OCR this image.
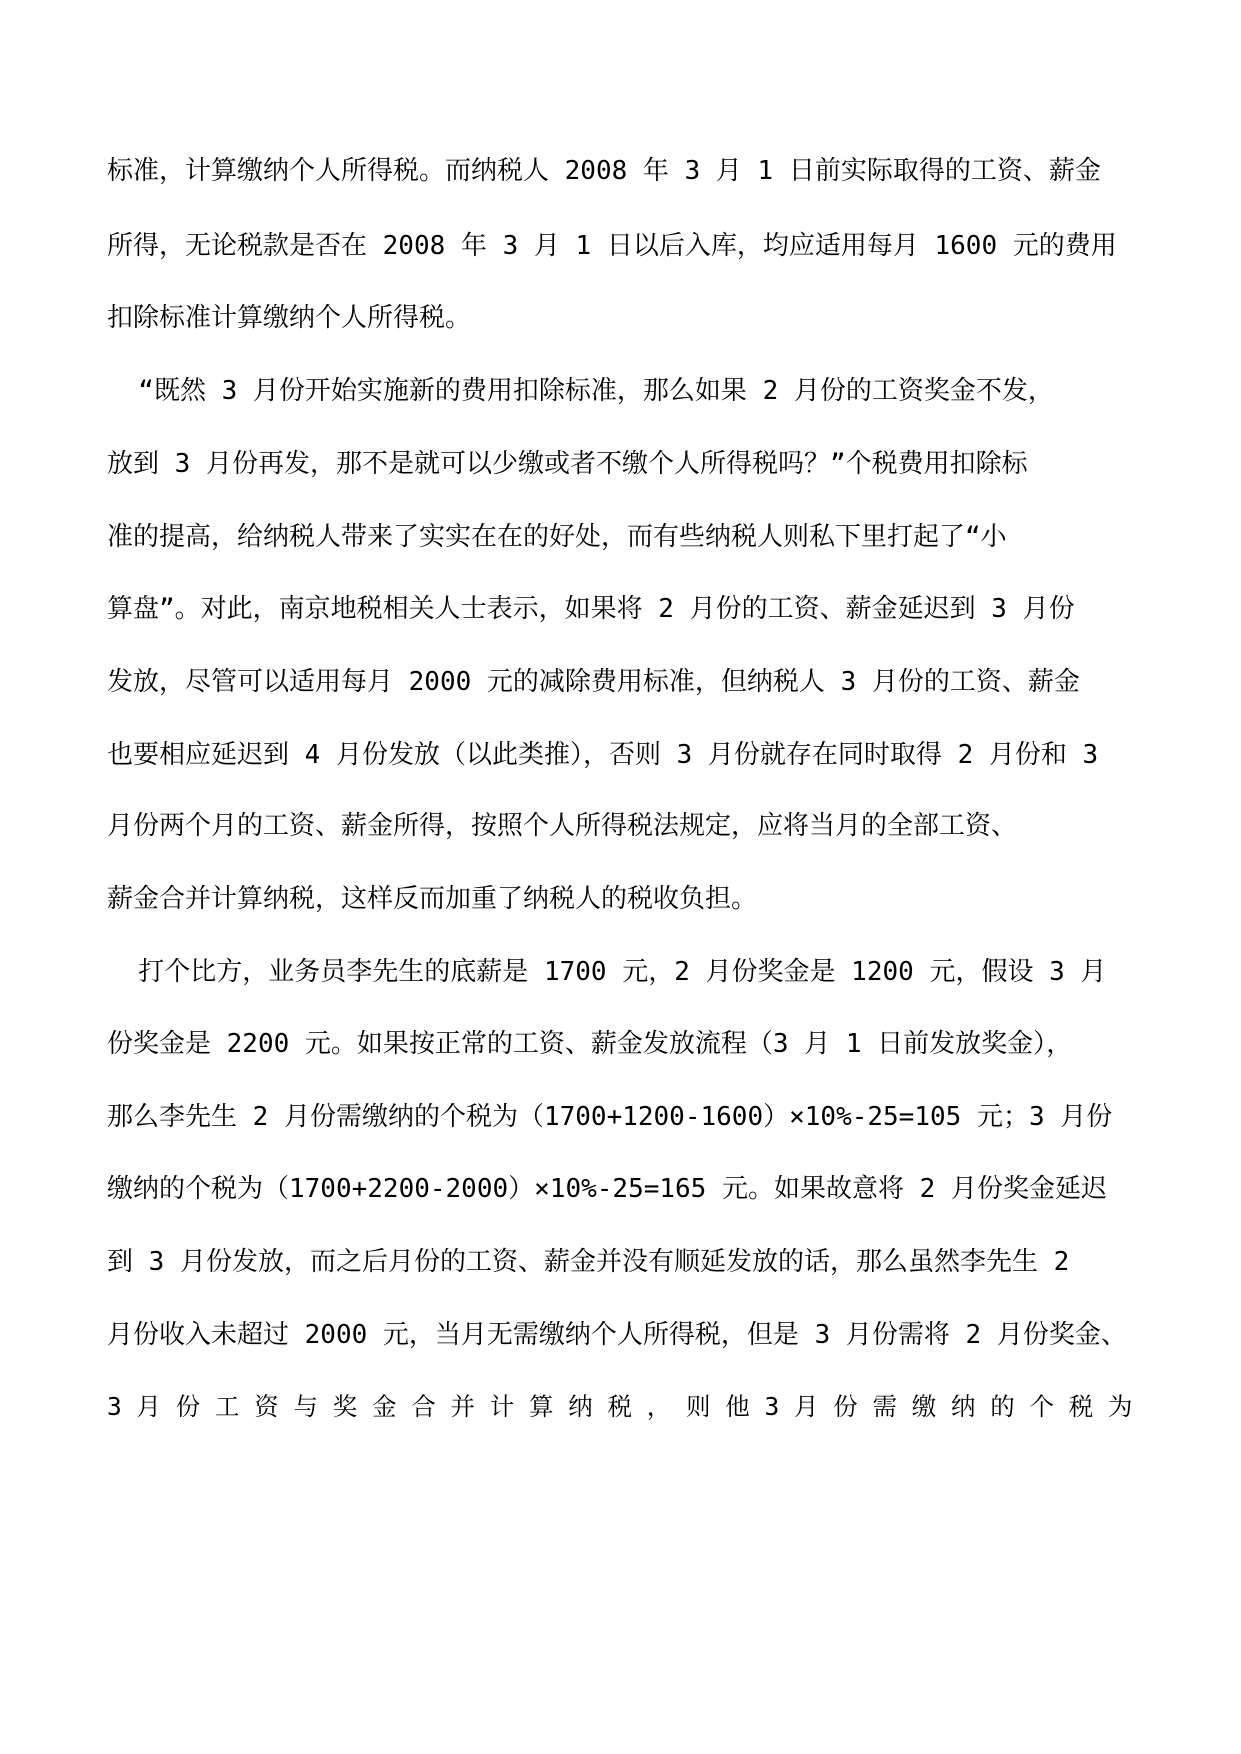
标准，计算缴纳个人所得税。而纳税人 2008 年 3 月 1 日前实际取得的工资、薪金
所得，无论税款是否在 2008 年 3 月 1 日以后入库，均应适用每月 1600 元的费用
扣除标准计算缴纳个人所得税。
“既然 3 月份开始实施新的费用扣除标准，那么如果 2 月份的工资奖金不发，
放到 3 月份再发，那不是就可以少缴或者不缴个人所得税吗？”个税费用扣除标
准的提高，给纳税人带来了实实在在的好处，而有些纳税人则私下里打起了“小
算盘”。对此，南京地税相关人士表示，如果将 2 月份的工资、薪金延迟到 3 月份
发放，尽管可以适用每月 2000 元的减除费用标准，但纳税人 3 月份的工资、薪金
也要相应延迟到 4 月份发放（以此类推），否则 3 月份就存在同时取得 2 月份和 3
月份两个月的工资、薪金所得，按照个人所得税法规定，应将当月的全部工资、
薪金合并计算纳税，这样反而加重了纳税人的税收负担。
打个比方，业务员李先生的底薪是 1700 元，2 月份奖金是 1200 元，假设 3 月
份奖金是 2200 元。如果按正常的工资、薪金发放流程（3 月 1 日前发放奖金），
那么李先生 2 月份需缴纳的个税为（1700+1200-1600）×10%-25=105 元；3 月份
缴纳的个税为（1700+2200-2000）×10%-25=165 元。如果故意将 2 月份奖金延迟
到 3 月份发放，而之后月份的工资、薪金并没有顺延发放的话，那么虽然李先生 2
月份收入未超过 2000 元，当月无需缴纳个人所得税，但是 3 月份需将 2 月份奖金、
3 月 份 工 资 与 奖 金 合 并 计 算 纳 税 ， 则 他 3 月 份 需 缴 纳 的 个 税 为
